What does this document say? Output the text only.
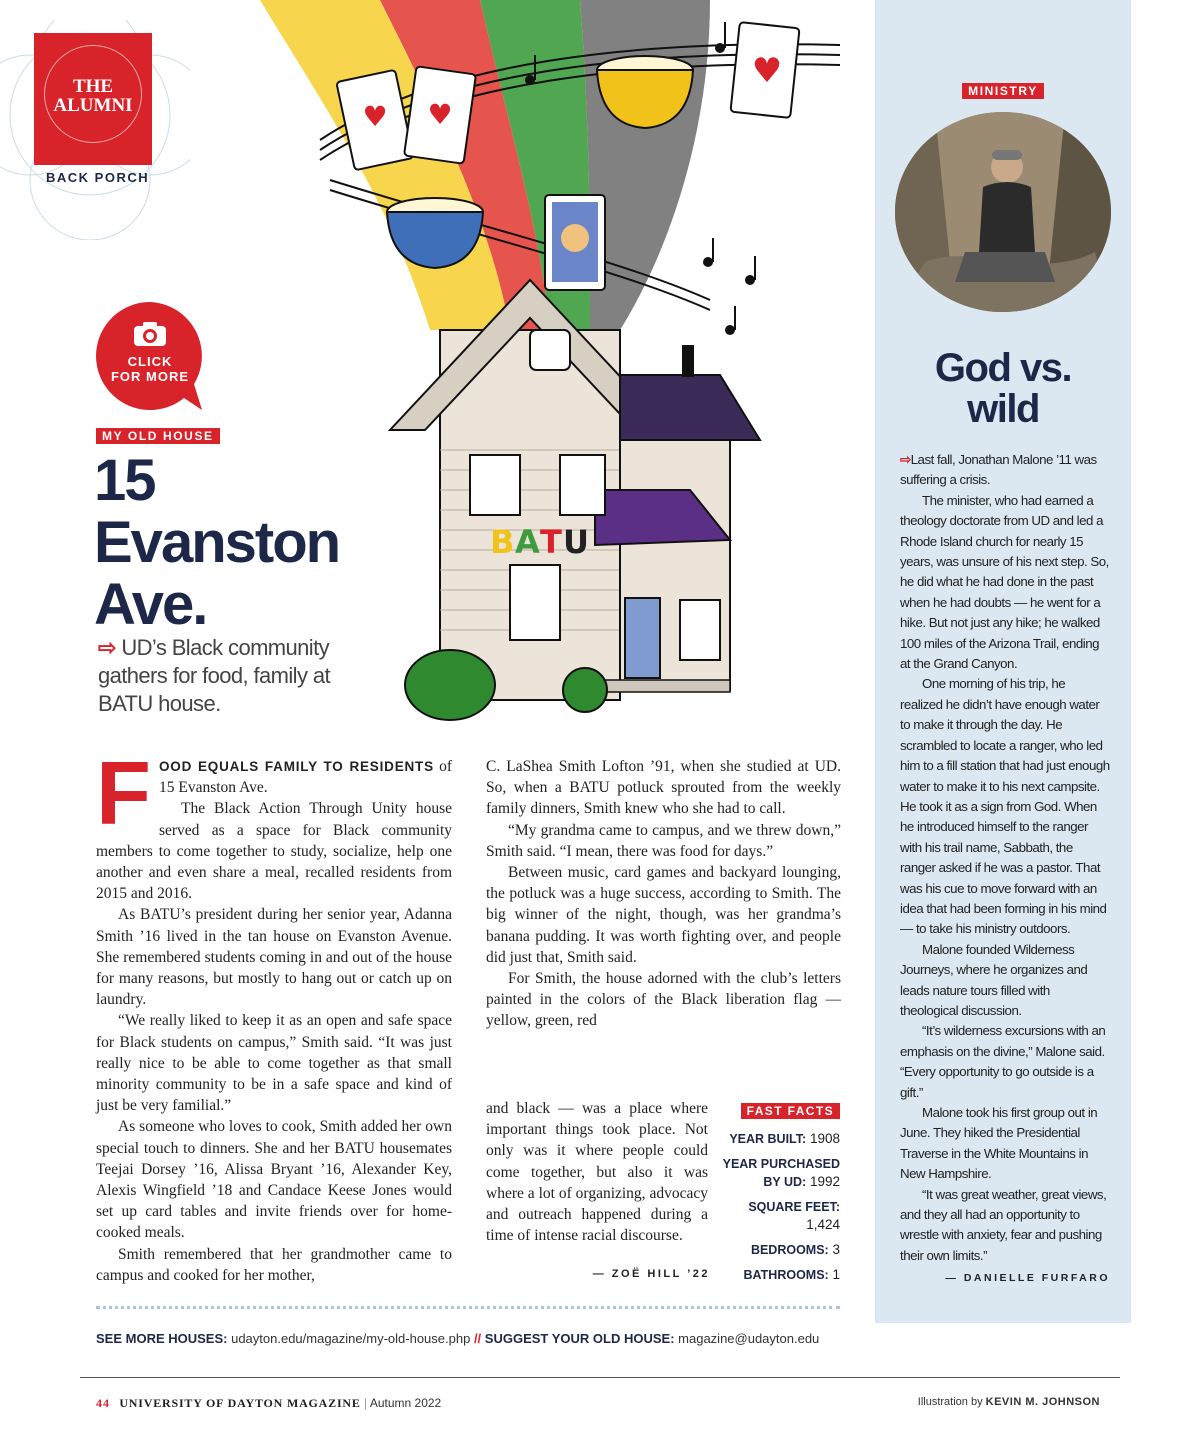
THE
ALUMNI
BACK PORCH
CLICK
FOR MORE
MY OLD HOUSE
15
Evanston
Ave.
⇨ UD’s Black community gathers for food, family at BATU house.
♥ ♥
♥
B A T U
F OOD EQUALS FAMILY TO RESIDENTS of 15 Evanston Ave.

The Black Action Through Unity house served as a space for Black community members to come together to study, socialize, help one another and even share a meal, recalled residents from 2015 and 2016.

As BATU’s president during her senior year, Adanna Smith ’16 lived in the tan house on Evanston Avenue. She remembered students coming in and out of the house for many reasons, but mostly to hang out or catch up on laundry.

“We really liked to keep it as an open and safe space for Black students on campus,” Smith said. “It was just really nice to be able to come together as that small minority community to be in a safe space and kind of just be very familial.”

As someone who loves to cook, Smith added her own special touch to dinners. She and her BATU housemates Teejai Dorsey ’16, Alissa Bryant ’16, Alexander Key, Alexis Wingfield ’18 and Candace Keese Jones would set up card tables and invite friends over for home-cooked meals.

Smith remembered that her grandmother came to campus and cooked for her mother,

C. LaShea Smith Lofton ’91, when she studied at UD. So, when a BATU potluck sprouted from the weekly family dinners, Smith knew who she had to call.

“My grandma came to campus, and we threw down,” Smith said. “I mean, there was food for days.”

Between music, card games and backyard lounging, the potluck was a huge success, according to Smith. The big winner of the night, though, was her grandma’s banana pudding. It was worth fighting over, and people did just that, Smith said.

For Smith, the house adorned with the club’s letters painted in the colors of the Black liberation flag — yellow, green, red

and black — was a place where important things took place. Not only was it where people could come together, but also it was where a lot of organizing, advocacy and outreach happened during a time of intense racial discourse.

— ZOË HILL ’22
FAST FACTS
YEAR BUILT: 1908
YEAR PURCHASED BY UD: 1992
SQUARE FEET: 1,424
BEDROOMS: 3
BATHROOMS: 1
SEE MORE HOUSES: udayton.edu/magazine/my-old-house.php // SUGGEST YOUR OLD HOUSE: magazine@udayton.edu
MINISTRY
God vs.
wild
⇨Last fall, Jonathan Malone ’11 was suffering a crisis.

The minister, who had earned a theology doctorate from UD and led a Rhode Island church for nearly 15 years, was unsure of his next step. So, he did what he had done in the past when he had doubts — he went for a hike. But not just any hike; he walked 100 miles of the Arizona Trail, ending at the Grand Canyon.

One morning of his trip, he realized he didn’t have enough water to make it through the day. He scrambled to locate a ranger, who led him to a fill station that had just enough water to make it to his next campsite. He took it as a sign from God. When he introduced himself to the ranger with his trail name, Sabbath, the ranger asked if he was a pastor. That was his cue to move forward with an idea that had been forming in his mind — to take his ministry outdoors.

Malone founded Wilderness Journeys, where he organizes and leads nature tours filled with theological discussion.

“It’s wilderness excursions with an emphasis on the divine,” Malone said. “Every opportunity to go outside is a gift.”

Malone took his first group out in June. They hiked the Presidential Traverse in the White Mountains in New Hampshire.

“It was great weather, great views, and they all had an opportunity to wrestle with anxiety, fear and pushing their own limits.”

— DANIELLE FURFARO
44 UNIVERSITY OF DAYTON MAGAZINE | Autumn 2022	Illustration by KEVIN M. JOHNSON
